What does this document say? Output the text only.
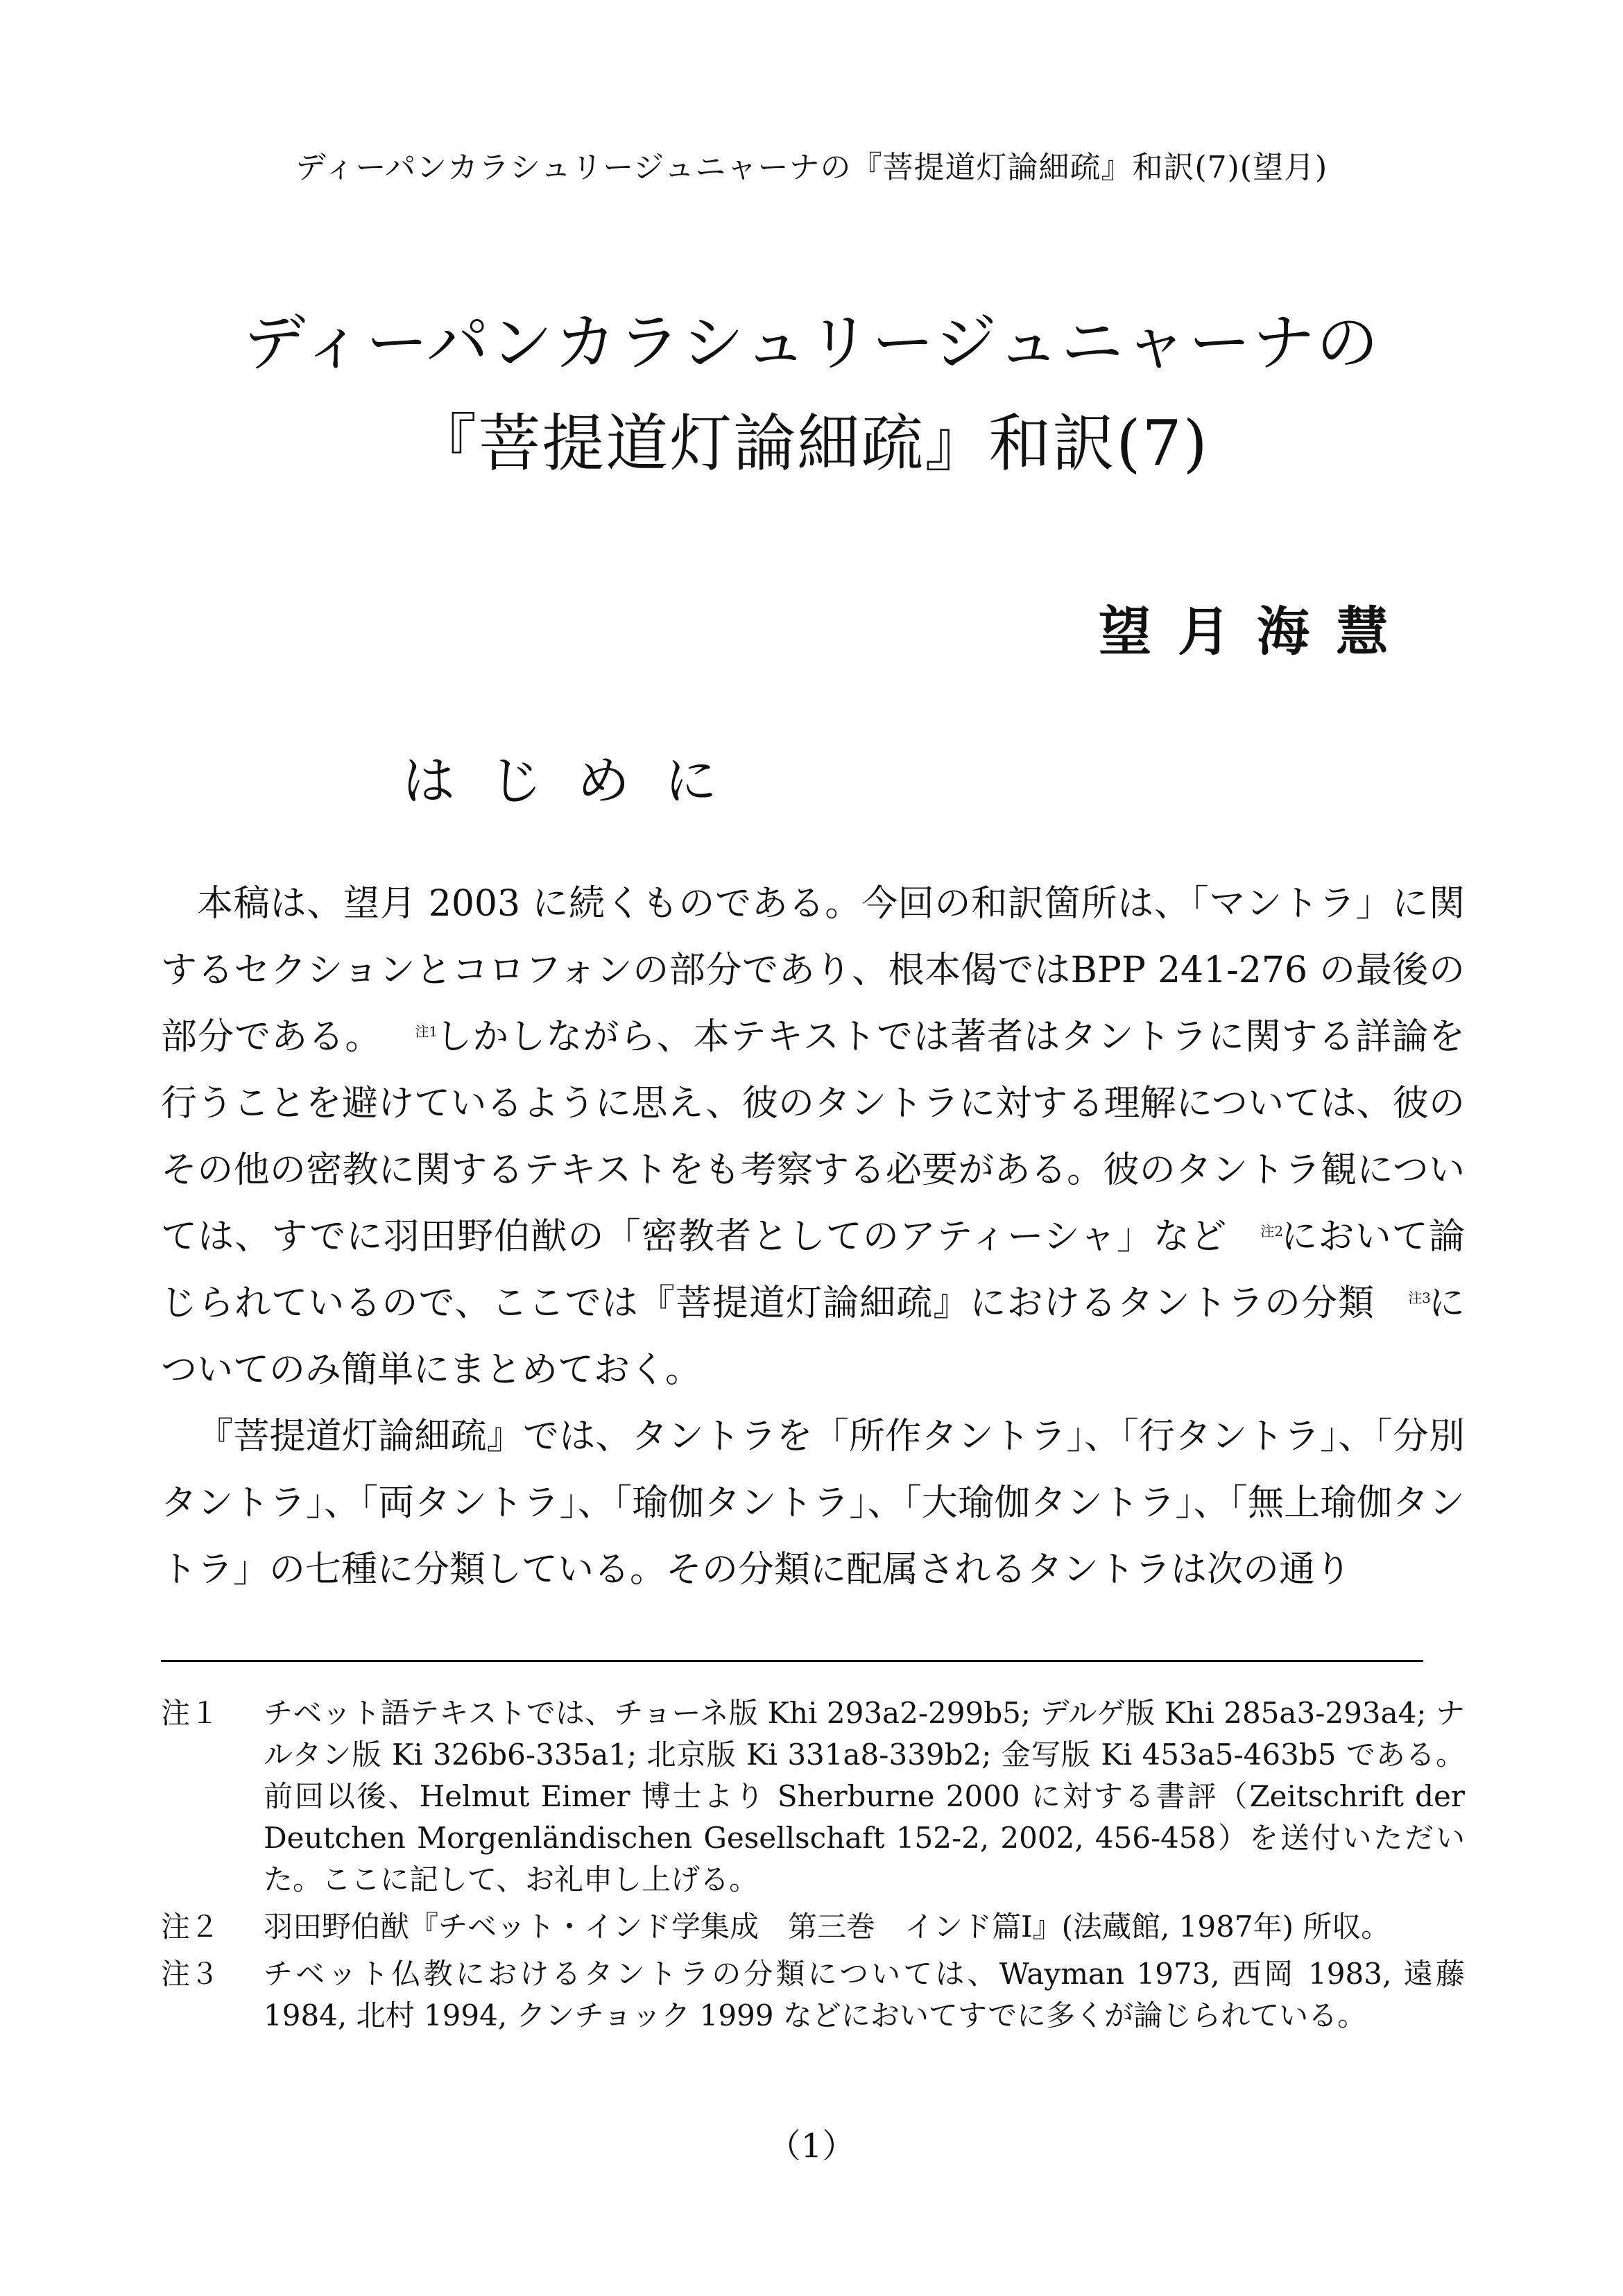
ディーパンカラシュリージュニャーナの『菩提道灯論細疏』和訳(7)(望月)
ディーパンカラシュリージュニャーナの
『菩提道灯論細疏』和訳(7)
望月海慧
はじめに

本稿は、望月 2003 に続くものである。今回の和訳箇所は、「マントラ」に関するセクションとコロフォンの部分であり、根本偈ではBPP 241-276 の最後の部分である。 注1しかしながら、本テキストでは著者はタントラに関する詳論を行うことを避けているように思え、彼のタントラに対する理解については、彼のその他の密教に関するテキストをも考察する必要がある。彼のタントラ観については、すでに羽田野伯猷の「密教者としてのアティーシャ」など 注2において論じられているので、ここでは『菩提道灯論細疏』におけるタントラの分類 注3についてのみ簡単にまとめておく。

『菩提道灯論細疏』では、タントラを「所作タントラ」、「行タントラ」、「分別タントラ」、「両タントラ」、「瑜伽タントラ」、「大瑜伽タントラ」、「無上瑜伽タントラ」の七種に分類している。その分類に配属されるタントラは次の通り

注１	チベット語テキストでは、チョーネ版 Khi 293a2-299b5; デルゲ版 Khi 285a3-293a4; ナルタン版 Ki 326b6-335a1; 北京版 Ki 331a8-339b2; 金写版 Ki 453a5-463b5 である。前回以後、Helmut Eimer 博士より Sherburne 2000 に対する書評（Zeitschrift der Deutchen Morgenländischen Gesellschaft 152-2, 2002, 456-458）を送付いただいた。ここに記して、お礼申し上げる。
注２	羽田野伯猷『チベット・インド学集成　第三巻　インド篇Ⅰ』(法蔵館, 1987年) 所収。
注３	チベット仏教におけるタントラの分類については、Wayman 1973, 西岡 1983, 遠藤 1984, 北村 1994, クンチョック 1999 などにおいてすでに多くが論じられている。
（1）
